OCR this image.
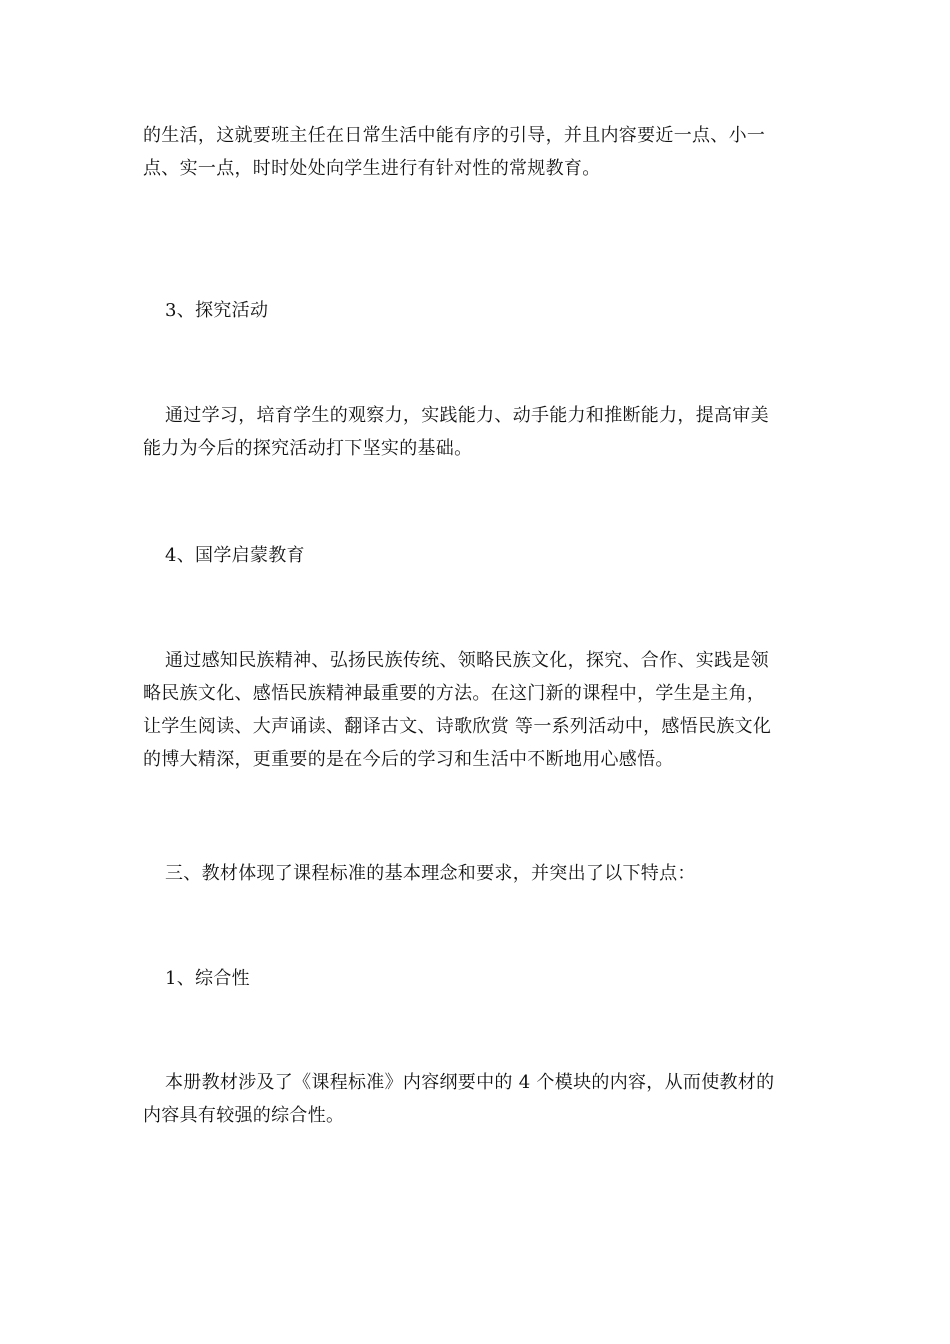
的生活，这就要班主任在日常生活中能有序的引导，并且内容要近一点、小一
点、实一点，时时处处向学生进行有针对性的常规教育。
3、探究活动
通过学习，培育学生的观察力，实践能力、动手能力和推断能力，提高审美
能力为今后的探究活动打下坚实的基础。
4、国学启蒙教育
通过感知民族精神、弘扬民族传统、领略民族文化，探究、合作、实践是领
略民族文化、感悟民族精神最重要的方法。在这门新的课程中，学生是主角，
让学生阅读、大声诵读、翻译古文、诗歌欣赏 等一系列活动中，感悟民族文化
的博大精深，更重要的是在今后的学习和生活中不断地用心感悟。
三、教材体现了课程标准的基本理念和要求，并突出了以下特点：
1、综合性
本册教材涉及了《课程标准》内容纲要中的 4 个模块的内容，从而使教材的
内容具有较强的综合性。
